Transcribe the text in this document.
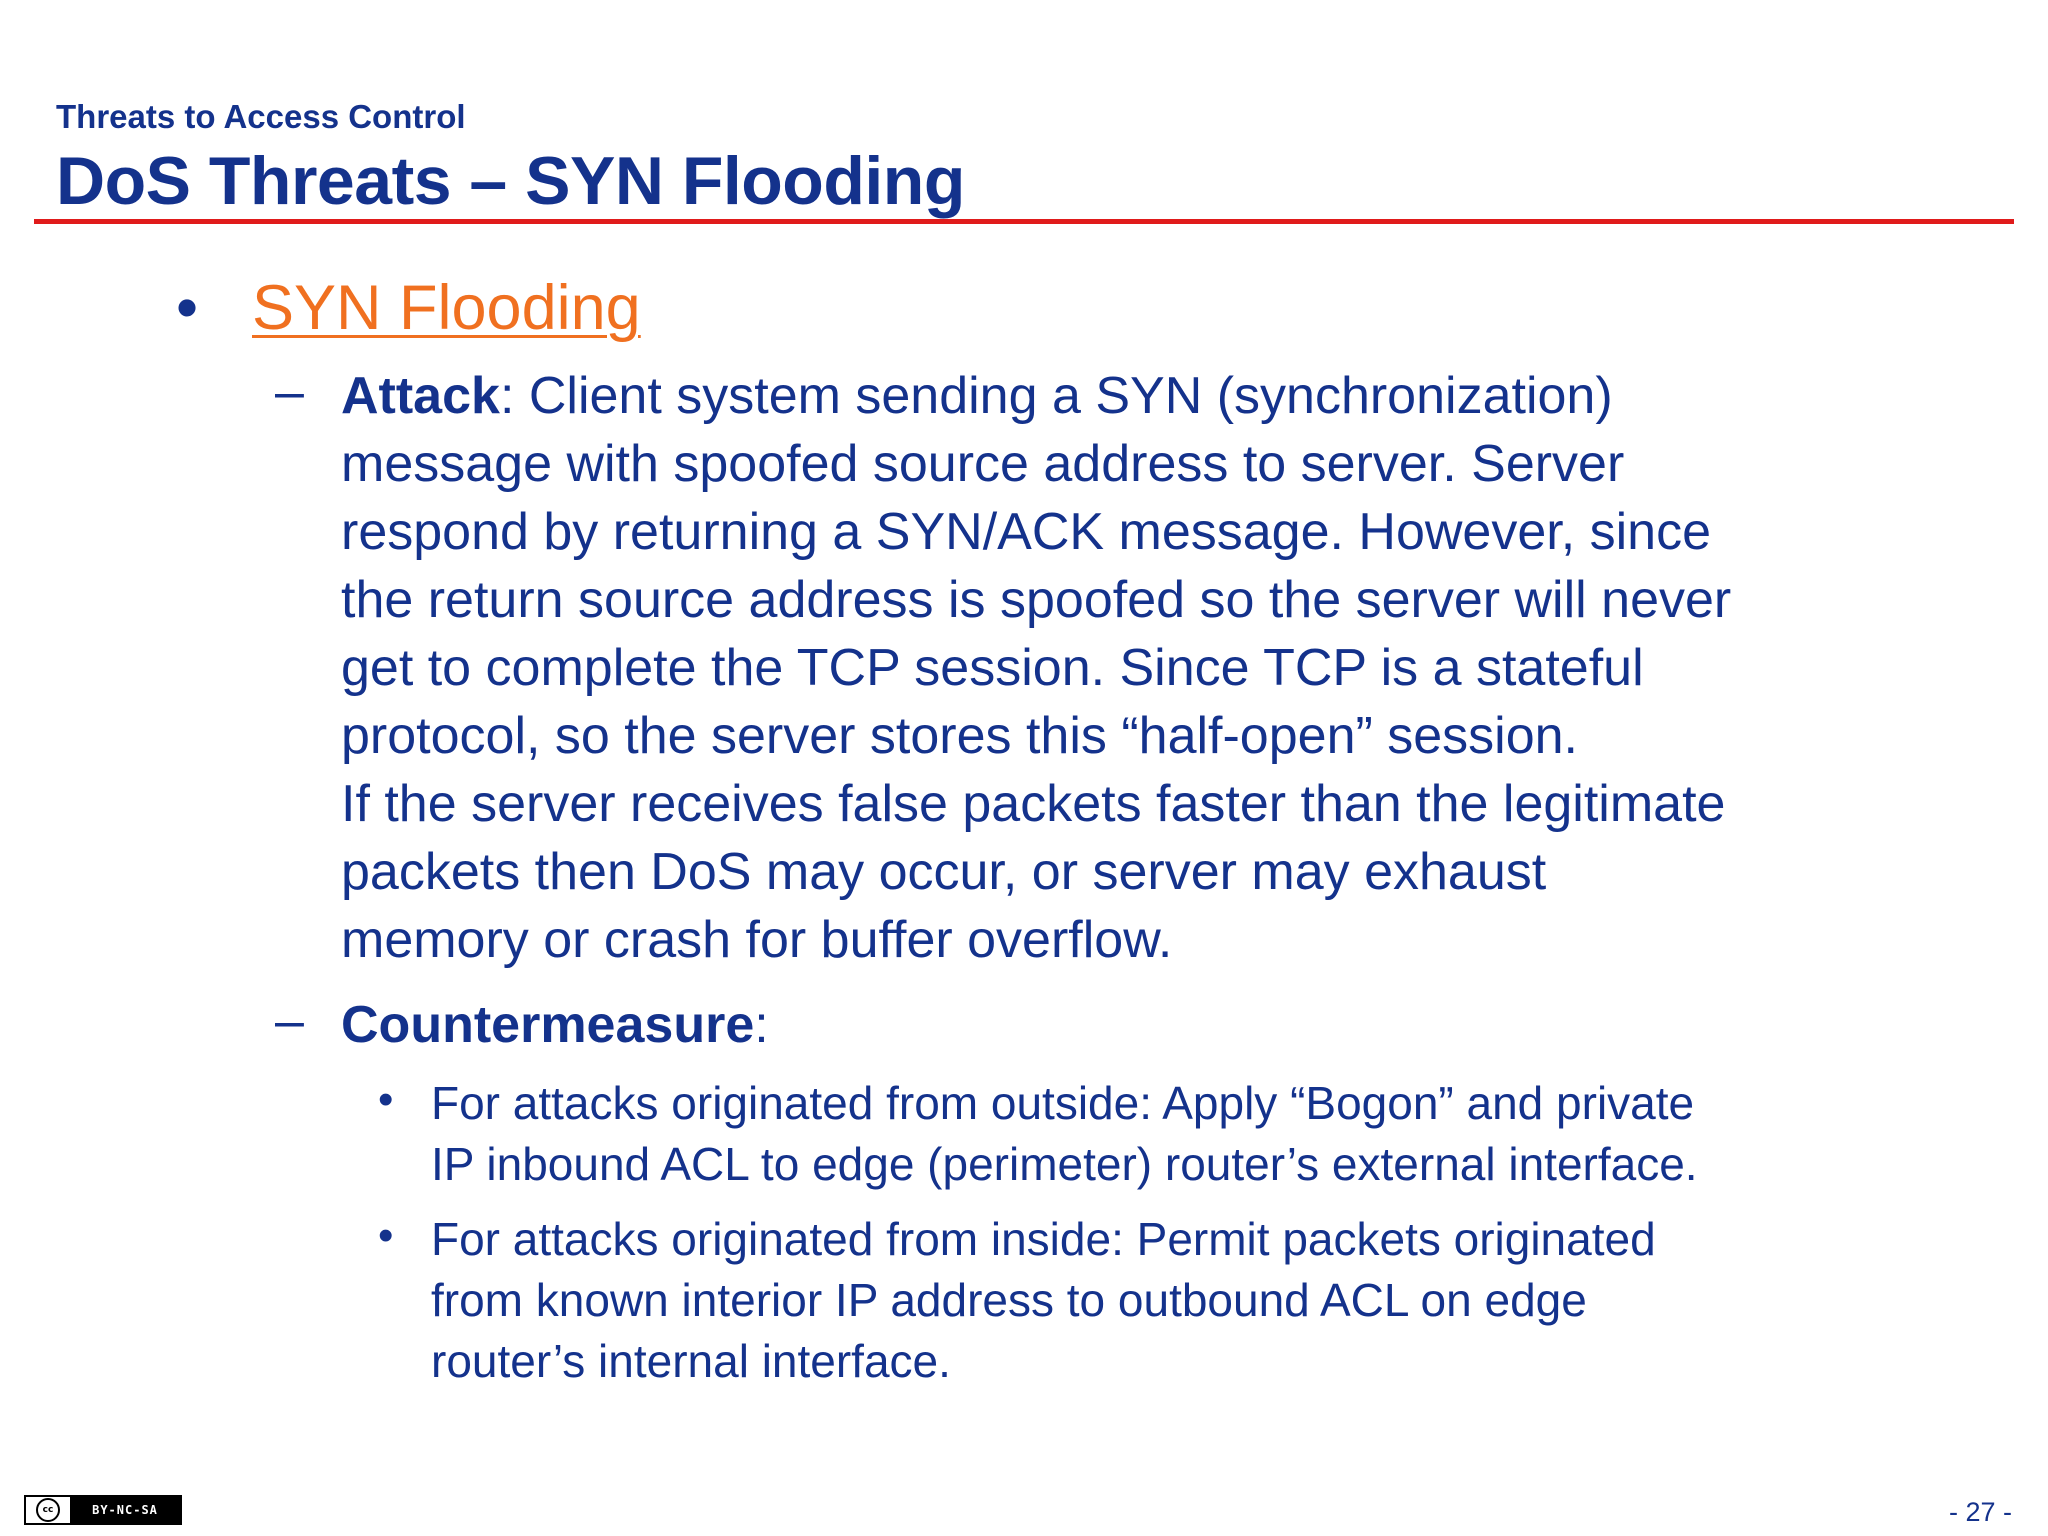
Threats to Access Control
DoS Threats – SYN Flooding
• SYN Flooding
– Attack: Client system sending a SYN (synchronization)
message with spoofed source address to server. Server
respond by returning a SYN/ACK message. However, since
the return source address is spoofed so the server will never
get to complete the TCP session. Since TCP is a stateful
protocol, so the server stores this “half-open” session.
If the server receives false packets faster than the legitimate
packets then DoS may occur, or server may exhaust
memory or crash for buffer overflow.
– Countermeasure:
• For attacks originated from outside: Apply “Bogon” and private
IP inbound ACL to edge (perimeter) router’s external interface.
• For attacks originated from inside: Permit packets originated
from known interior IP address to outbound ACL on edge
router’s internal interface.
cc	BY-NC-SA	- 27 -
